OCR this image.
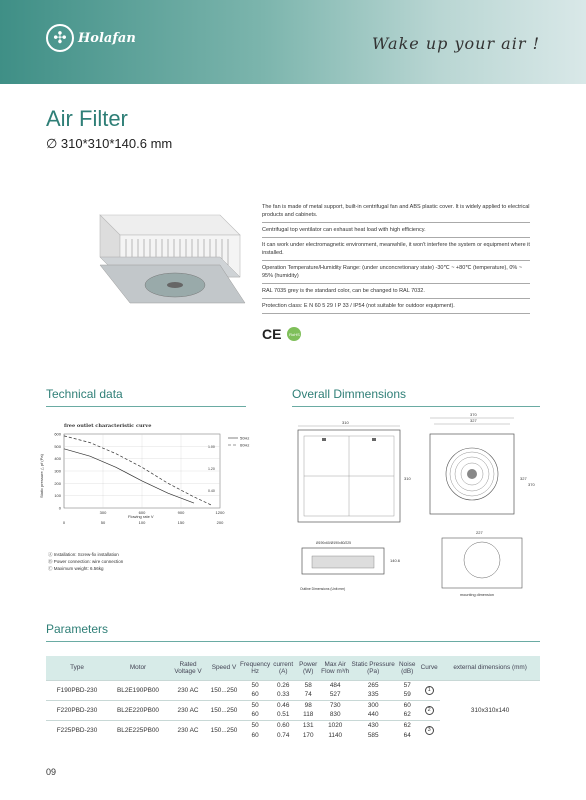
✣ Holafan	Wake up your air !
Air Filter
∅ 310*310*140.6 mm
The fan is made of metal support, built-in centrifugal fan and ABS plastic cover. It is widely applied to electrical products and cabinets.
Centrifugal top ventilator can exhaust heat load with high efficiency.
It can work under electromagnetic environment, meanwhile, it won't interfere the system or equipment where it installed.
Operation Temperature/Humidity Range: (under unconcretionary state) -30℃ ~ +80℃ (temperature), 0% ~ 95% (humidity)
RAL 7035 grey is the standard color, can be changed to RAL 7032.
Protection class: E N 60 5 29 I P 33 / IP54 (not suitable for outdoor equipment).
CE	RoHS
Technical data	Overall Dimmensions
free outlet characteristic curve
Static pressure △ pf (Pa)
Flowing rate V
300	600	900	1200
0	50	100	150	200
0
100
200
300
400
500
600
1.00
1.20
0.40
50Hz
60Hz
Ⓐ Installation: Screw-fix installation
Ⓑ Power connection: wire connection
Ⓒ Maximum weight: 6.56kg
310
310
370
327
327
370
Ø190x60/Ø190x80/225
140.6
Outline Dimensions (Unit:mm)
227
mounting dimension
Parameters
Type	Motor	Rated Voltage V	Speed V	Frequency Hz	current (A)	Power (W)	Max Air Flow m³/h	Static Pressure (Pa)	Noise (dB)	Curve	external dimensions (mm)
F190PBD-230	BL2E190PB00	230 AC	150...250	50	0.26	58	484	265	57	1	310x310x140
				60	0.33	74	527	335	59		
F220PBD-230	BL2E220PB00	230 AC	150...250	50	0.46	98	730	300	60	2	
				60	0.51	118	830	440	62		
F225PBD-230	BL2E225PB00	230 AC	150...250	50	0.60	131	1020	430	62	3	
				60	0.74	170	1140	585	64		
09
